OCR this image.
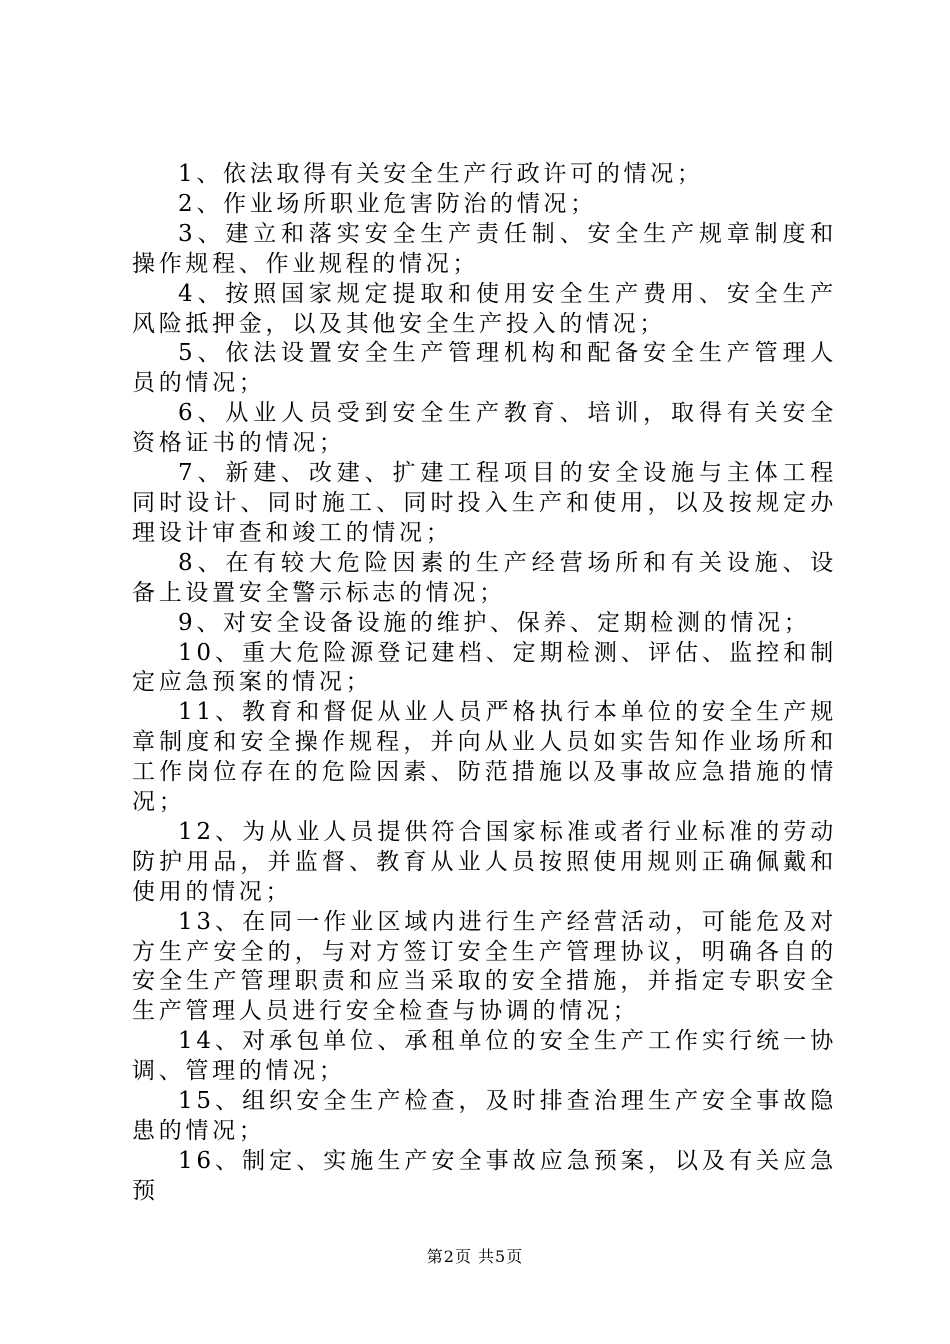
1、依法取得有关安全生产行政许可的情况；

2、作业场所职业危害防治的情况；

3、建立和落实安全生产责任制、安全生产规章制度和操作规程、作业规程的情况；

4、按照国家规定提取和使用安全生产费用、安全生产风险抵押金，以及其他安全生产投入的情况；

5、依法设置安全生产管理机构和配备安全生产管理人员的情况；

6、从业人员受到安全生产教育、培训，取得有关安全资格证书的情况；

7、新建、改建、扩建工程项目的安全设施与主体工程同时设计、同时施工、同时投入生产和使用，以及按规定办理设计审查和竣工的情况；

8、在有较大危险因素的生产经营场所和有关设施、设备上设置安全警示标志的情况；

9、对安全设备设施的维护、保养、定期检测的情况；

10、重大危险源登记建档、定期检测、评估、监控和制定应急预案的情况；

11、教育和督促从业人员严格执行本单位的安全生产规章制度和安全操作规程，并向从业人员如实告知作业场所和工作岗位存在的危险因素、防范措施以及事故应急措施的情况；

12、为从业人员提供符合国家标准或者行业标准的劳动防护用品，并监督、教育从业人员按照使用规则正确佩戴和使用的情况；

13、在同一作业区域内进行生产经营活动，可能危及对方生产安全的，与对方签订安全生产管理协议，明确各自的安全生产管理职责和应当采取的安全措施，并指定专职安全生产管理人员进行安全检查与协调的情况；

14、对承包单位、承租单位的安全生产工作实行统一协调、管理的情况；

15、组织安全生产检查，及时排查治理生产安全事故隐患的情况；

16、制定、实施生产安全事故应急预案，以及有关应急预

第2页 共5页
